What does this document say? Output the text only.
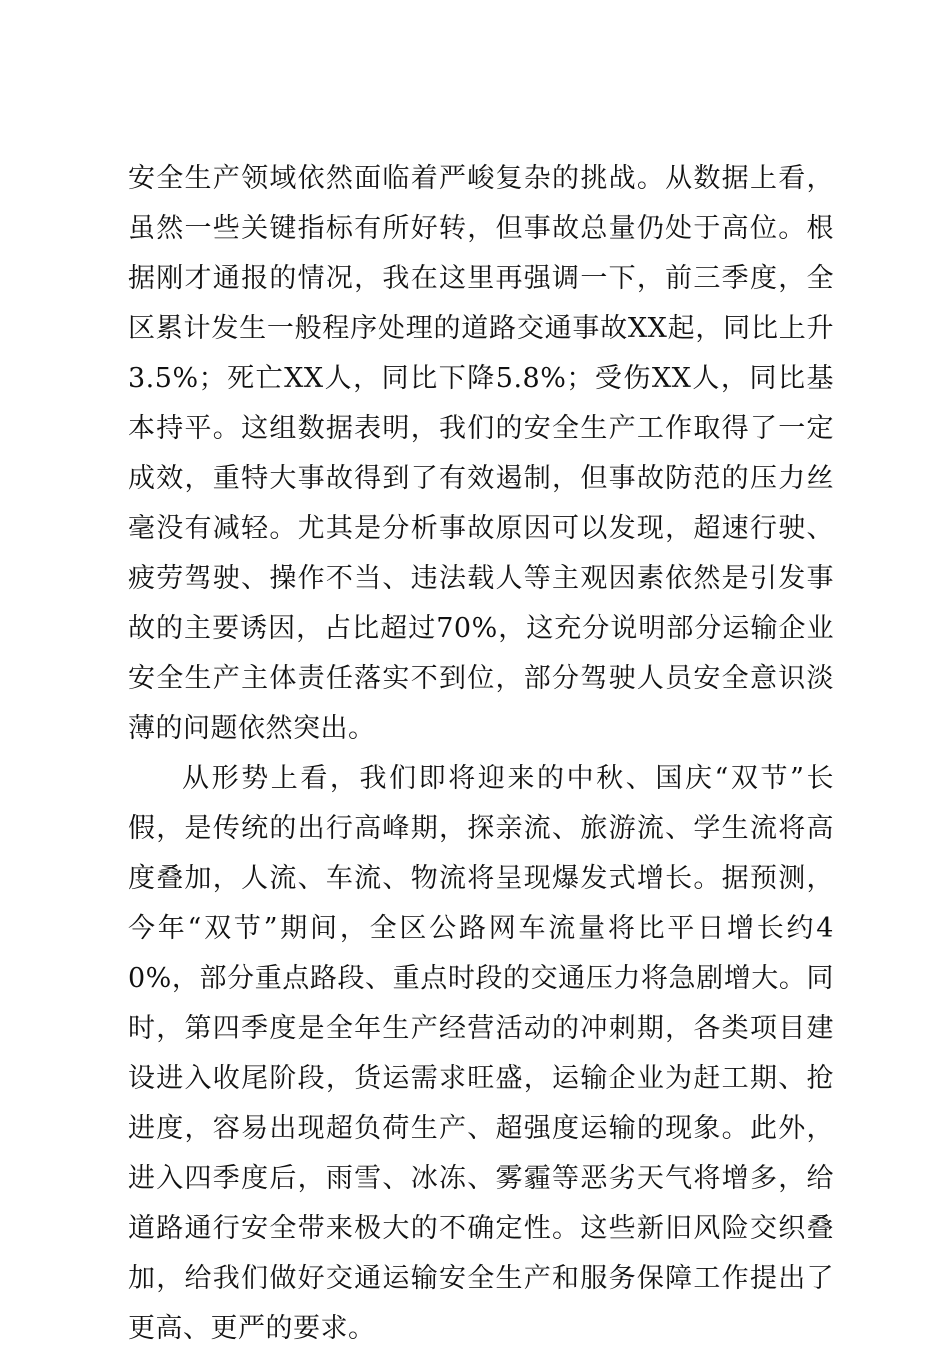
安全生产领域依然面临着严峻复杂的挑战。从数据上看，虽然一些关键指标有所好转，但事故总量仍处于高位。根据刚才通报的情况，我在这里再强调一下，前三季度，全区累计发生一般程序处理的道路交通事故XX起，同比上升3.5%；死亡XX人，同比下降5.8%；受伤XX人，同比基本持平。这组数据表明，我们的安全生产工作取得了一定成效，重特大事故得到了有效遏制，但事故防范的压力丝毫没有减轻。尤其是分析事故原因可以发现，超速行驶、疲劳驾驶、操作不当、违法载人等主观因素依然是引发事故的主要诱因，占比超过70%，这充分说明部分运输企业安全生产主体责任落实不到位，部分驾驶人员安全意识淡薄的问题依然突出。

从形势上看，我们即将迎来的中秋、国庆“双节”长假，是传统的出行高峰期，探亲流、旅游流、学生流将高度叠加，人流、车流、物流将呈现爆发式增长。据预测，今年“双节”期间，全区公路网车流量将比平日增长约40%，部分重点路段、重点时段的交通压力将急剧增大。同时，第四季度是全年生产经营活动的冲刺期，各类项目建设进入收尾阶段，货运需求旺盛，运输企业为赶工期、抢进度，容易出现超负荷生产、超强度运输的现象。此外，进入四季度后，雨雪、冰冻、雾霾等恶劣天气将增多，给道路通行安全带来极大的不确定性。这些新旧风险交织叠加，给我们做好交通运输安全生产和服务保障工作提出了更高、更严的要求。
